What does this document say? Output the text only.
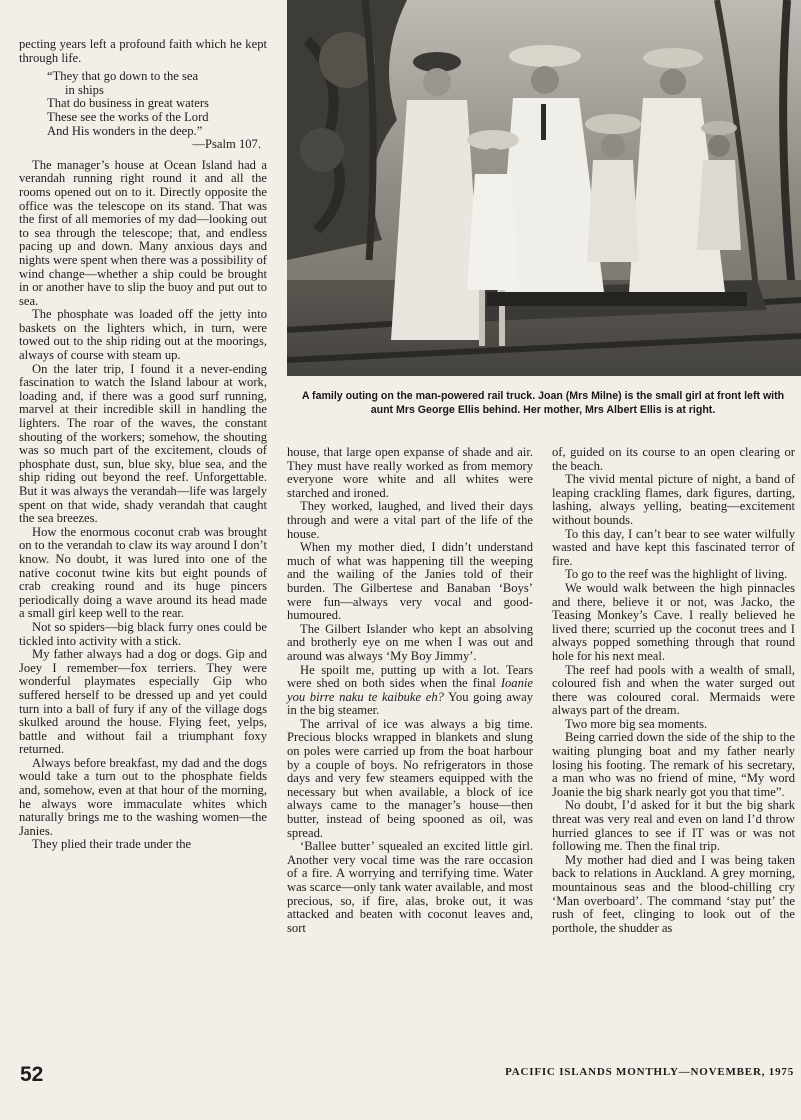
pecting years left a profound faith which he kept through life.

“They that go down to the sea
in ships
That do business in great waters
These see the works of the Lord
And His wonders in the deep.”
—Psalm 107.

The manager’s house at Ocean Island had a verandah running right round it and all the rooms opened out on to it. Directly opposite the office was the telescope on its stand. That was the first of all memories of my dad—looking out to sea through the telescope; that, and endless pacing up and down. Many anxious days and nights were spent when there was a possibility of wind change—whether a ship could be brought in or another have to slip the buoy and put out to sea.

The phosphate was loaded off the jetty into baskets on the lighters which, in turn, were towed out to the ship riding out at the moorings, always of course with steam up.

On the later trip, I found it a never-ending fascination to watch the Island labour at work, loading and, if there was a good surf running, marvel at their incredible skill in handling the lighters. The roar of the waves, the constant shouting of the workers; somehow, the shouting was so much part of the excitement, clouds of phosphate dust, sun, blue sky, blue sea, and the ship riding out beyond the reef. Unforgettable. But it was always the verandah—life was largely spent on that wide, shady verandah that caught the sea breezes.

How the enormous coconut crab was brought on to the verandah to claw its way around I don’t know. No doubt, it was lured into one of the native coconut twine kits but eight pounds of crab creaking round and its huge pincers periodically doing a wave around its head made a small girl keep well to the rear.

Not so spiders—big black furry ones could be tickled into activity with a stick.

My father always had a dog or dogs. Gip and Joey I remember—fox terriers. They were wonderful playmates especially Gip who suffered herself to be dressed up and yet could turn into a ball of fury if any of the village dogs skulked around the house. Flying feet, yelps, battle and without fail a triumphant foxy returned.

Always before breakfast, my dad and the dogs would take a turn out to the phosphate fields and, somehow, even at that hour of the morning, he always wore immaculate whites which naturally brings me to the washing women—the Janies.

They plied their trade under the

A family outing on the man-powered rail truck. Joan (Mrs Milne) is the small girl at front left with aunt Mrs George Ellis behind. Her mother, Mrs Albert Ellis is at right.

house, that large open expanse of shade and air. They must have really worked as from memory everyone wore white and all whites were starched and ironed.

They worked, laughed, and lived their days through and were a vital part of the life of the house.

When my mother died, I didn’t understand much of what was happening till the weeping and the wailing of the Janies told of their burden. The Gilbertese and Banaban ‘Boys’ were fun—always very vocal and good-humoured.

The Gilbert Islander who kept an absolving and brotherly eye on me when I was out and around was always ‘My Boy Jimmy’.

He spoilt me, putting up with a lot. Tears were shed on both sides when the final Ioanie you birre naku te kaibuke eh? You going away in the big steamer.

The arrival of ice was always a big time. Precious blocks wrapped in blankets and slung on poles were carried up from the boat harbour by a couple of boys. No refrigerators in those days and very few steamers equipped with the necessary but when available, a block of ice always came to the manager’s house—then butter, instead of being spooned as oil, was spread.

‘Ballee butter’ squealed an excited little girl. Another very vocal time was the rare occasion of a fire. A worrying and terrifying time. Water was scarce—only tank water available, and most precious, so, if fire, alas, broke out, it was attacked and beaten with coconut leaves and, sort

of, guided on its course to an open clearing or the beach.

The vivid mental picture of night, a band of leaping crackling flames, dark figures, darting, lashing, always yelling, beating—excitement without bounds.

To this day, I can’t bear to see water wilfully wasted and have kept this fascinated terror of fire.

To go to the reef was the highlight of living.

We would walk between the high pinnacles and there, believe it or not, was Jacko, the Teasing Monkey’s Cave. I really believed he lived there; scurried up the coconut trees and I always popped something through that round hole for his next meal.

The reef had pools with a wealth of small, coloured fish and when the water surged out there was coloured coral. Mermaids were always part of the dream.

Two more big sea moments.

Being carried down the side of the ship to the waiting plunging boat and my father nearly losing his footing. The remark of his secretary, a man who was no friend of mine, “My word Joanie the big shark nearly got you that time”.

No doubt, I’d asked for it but the big shark threat was very real and even on land I’d throw hurried glances to see if IT was or was not following me. Then the final trip.

My mother had died and I was being taken back to relations in Auckland. A grey morning, mountainous seas and the blood-chilling cry ‘Man overboard’. The command ‘stay put’ the rush of feet, clinging to look out of the porthole, the shudder as

52	PACIFIC ISLANDS MONTHLY—NOVEMBER, 1975
